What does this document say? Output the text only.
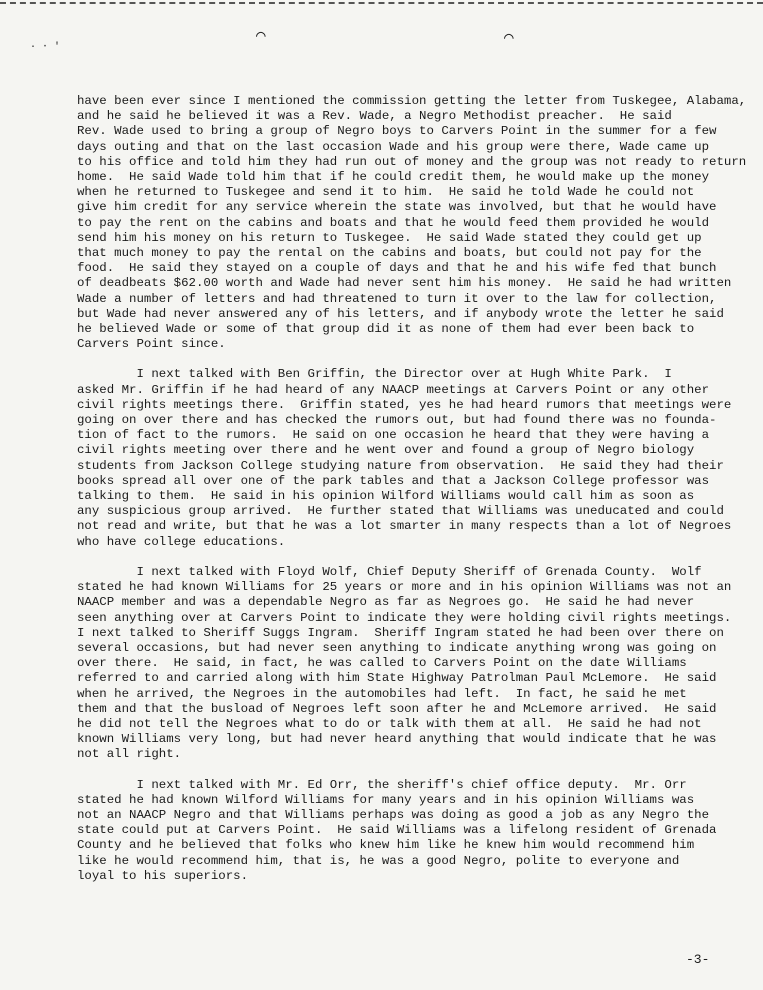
⌒	⌒
· ⋅ ′

have been ever since I mentioned the commission getting the letter from Tuskegee, Alabama,
and he said he believed it was a Rev. Wade, a Negro Methodist preacher.  He said
Rev. Wade used to bring a group of Negro boys to Carvers Point in the summer for a few
days outing and that on the last occasion Wade and his group were there, Wade came up
to his office and told him they had run out of money and the group was not ready to return
home.  He said Wade told him that if he could credit them, he would make up the money
when he returned to Tuskegee and send it to him.  He said he told Wade he could not
give him credit for any service wherein the state was involved, but that he would have
to pay the rent on the cabins and boats and that he would feed them provided he would
send him his money on his return to Tuskegee.  He said Wade stated they could get up
that much money to pay the rental on the cabins and boats, but could not pay for the
food.  He said they stayed on a couple of days and that he and his wife fed that bunch
of deadbeats $62.00 worth and Wade had never sent him his money.  He said he had written
Wade a number of letters and had threatened to turn it over to the law for collection,
but Wade had never answered any of his letters, and if anybody wrote the letter he said
he believed Wade or some of that group did it as none of them had ever been back to
Carvers Point since.

I next talked with Ben Griffin, the Director over at Hugh White Park.  I
asked Mr. Griffin if he had heard of any NAACP meetings at Carvers Point or any other
civil rights meetings there.  Griffin stated, yes he had heard rumors that meetings were
going on over there and has checked the rumors out, but had found there was no founda-
tion of fact to the rumors.  He said on one occasion he heard that they were having a
civil rights meeting over there and he went over and found a group of Negro biology
students from Jackson College studying nature from observation.  He said they had their
books spread all over one of the park tables and that a Jackson College professor was
talking to them.  He said in his opinion Wilford Williams would call him as soon as
any suspicious group arrived.  He further stated that Williams was uneducated and could
not read and write, but that he was a lot smarter in many respects than a lot of Negroes
who have college educations.

I next talked with Floyd Wolf, Chief Deputy Sheriff of Grenada County.  Wolf
stated he had known Williams for 25 years or more and in his opinion Williams was not an
NAACP member and was a dependable Negro as far as Negroes go.  He said he had never
seen anything over at Carvers Point to indicate they were holding civil rights meetings.
I next talked to Sheriff Suggs Ingram.  Sheriff Ingram stated he had been over there on
several occasions, but had never seen anything to indicate anything wrong was going on
over there.  He said, in fact, he was called to Carvers Point on the date Williams
referred to and carried along with him State Highway Patrolman Paul McLemore.  He said
when he arrived, the Negroes in the automobiles had left.  In fact, he said he met
them and that the busload of Negroes left soon after he and McLemore arrived.  He said
he did not tell the Negroes what to do or talk with them at all.  He said he had not
known Williams very long, but had never heard anything that would indicate that he was
not all right.

I next talked with Mr. Ed Orr, the sheriff's chief office deputy.  Mr. Orr
stated he had known Wilford Williams for many years and in his opinion Williams was
not an NAACP Negro and that Williams perhaps was doing as good a job as any Negro the
state could put at Carvers Point.  He said Williams was a lifelong resident of Grenada
County and he believed that folks who knew him like he knew him would recommend him
like he would recommend him, that is, he was a good Negro, polite to everyone and
loyal to his superiors.

-3-
